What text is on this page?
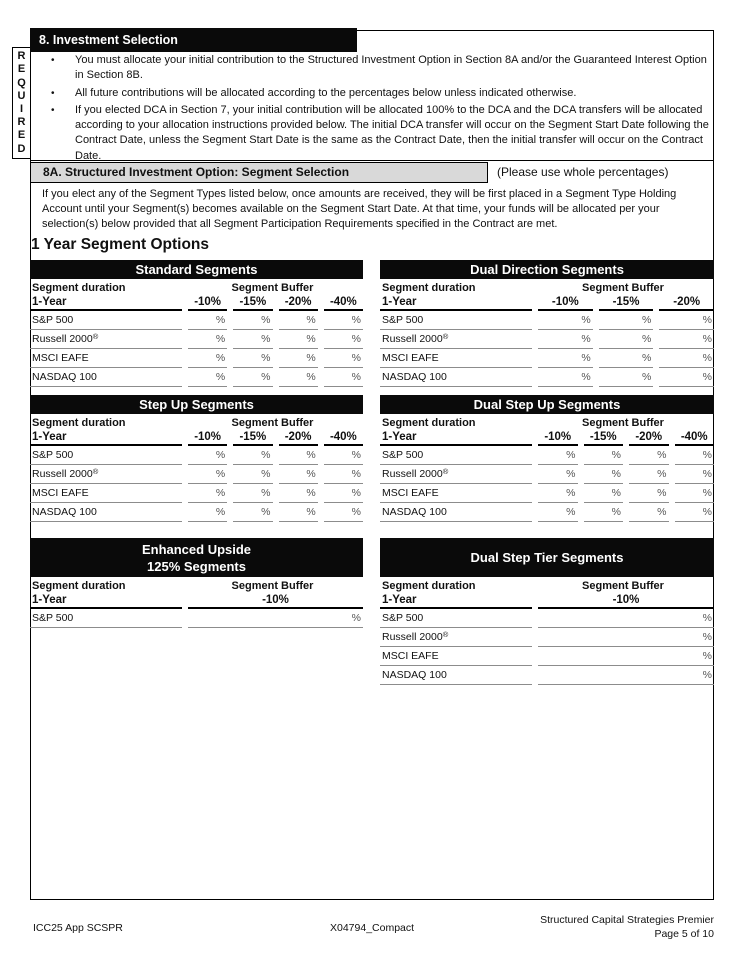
R
E
Q
U
I
R
E
D
8. Investment Selection
•	You must allocate your initial contribution to the Structured Investment Option in Section 8A and/or the Guaranteed Interest Option in Section 8B.
•	All future contributions will be allocated according to the percentages below unless indicated otherwise.
•	If you elected DCA in Section 7, your initial contribution will be allocated 100% to the DCA and the DCA transfers will be allocated according to your allocation instructions provided below. The initial DCA transfer will occur on the Segment Start Date following the Contract Date, unless the Segment Start Date is the same as the Contract Date, then the initial transfer will occur on the Contract Date.
8A. Structured Investment Option: Segment Selection	(Please use whole percentages)
If you elect any of the Segment Types listed below, once amounts are received, they will be first placed in a Segment Type Holding Account until your Segment(s) becomes available on the Segment Start Date. At that time, your funds will be allocated per your selection(s) below provided that all Segment Participation Requirements specified in the Contract are met.
1 Year Segment Options
Standard Segments
Segment duration	Segment Buffer
1-Year	-10%	-15%	-20%	-40%
S&P 500	%	%	%	%
Russell 2000®	%	%	%	%
MSCI EAFE	%	%	%	%
NASDAQ 100	%	%	%	%
Dual Direction Segments
Segment duration	Segment Buffer
1-Year	-10%	-15%	-20%
S&P 500	%	%	%
Russell 2000®	%	%	%
MSCI EAFE	%	%	%
NASDAQ 100	%	%	%
Step Up Segments
Segment duration	Segment Buffer
1-Year	-10%	-15%	-20%	-40%
S&P 500	%	%	%	%
Russell 2000®	%	%	%	%
MSCI EAFE	%	%	%	%
NASDAQ 100	%	%	%	%
Dual Step Up Segments
Segment duration	Segment Buffer
1-Year	-10%	-15%	-20%	-40%
S&P 500	%	%	%	%
Russell 2000®	%	%	%	%
MSCI EAFE	%	%	%	%
NASDAQ 100	%	%	%	%
Enhanced Upside
125% Segments
Segment duration	Segment Buffer
1-Year	-10%
S&P 500	%
Dual Step Tier Segments
Segment duration	Segment Buffer
1-Year	-10%
S&P 500	%
Russell 2000®	%
MSCI EAFE	%
NASDAQ 100	%
ICC25 App SCSPR	X04794_Compact
Structured Capital Strategies Premier
Page 5 of 10
